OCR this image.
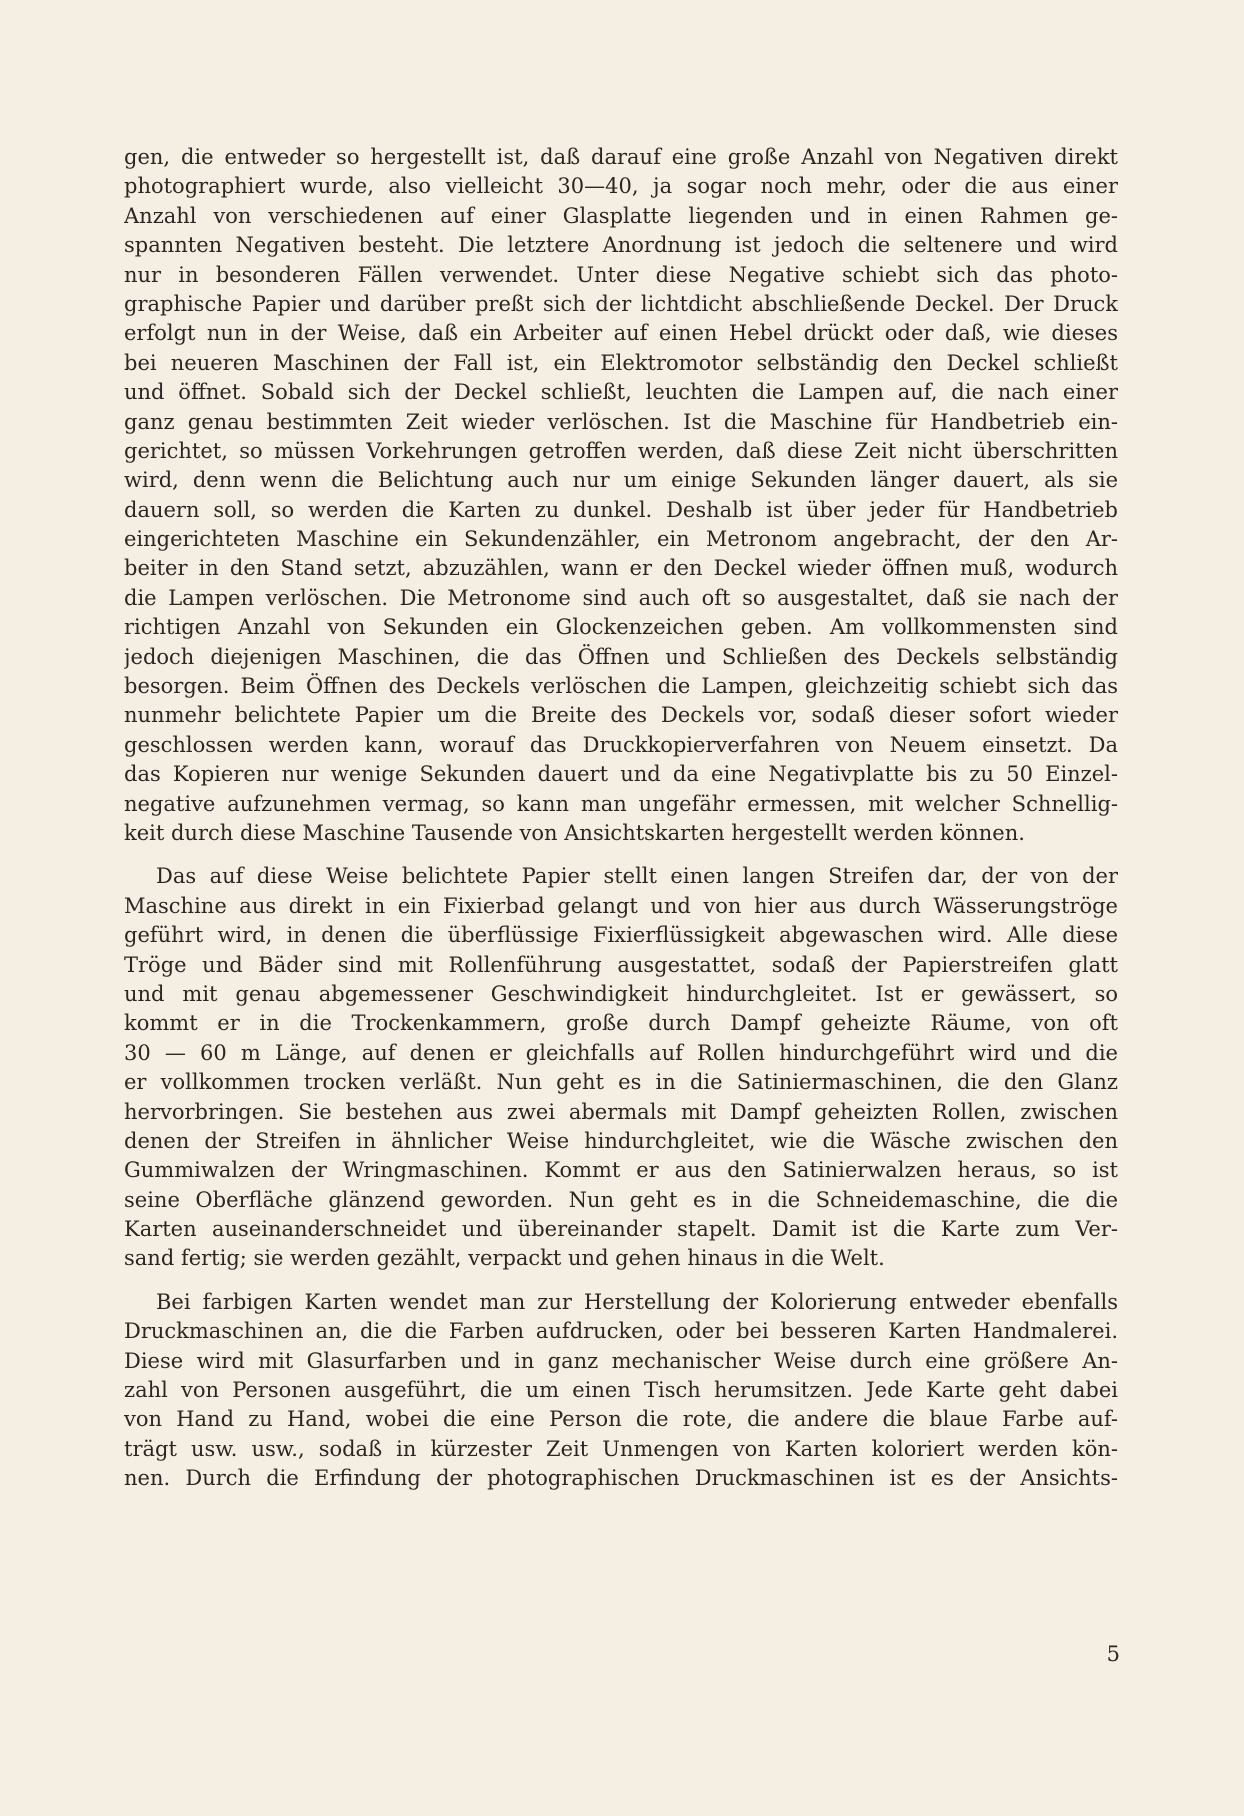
gen, die entweder so hergestellt ist, daß darauf eine große Anzahl von Negativen direkt
photographiert wurde, also vielleicht 30—40, ja sogar noch mehr, oder die aus einer
Anzahl von verschiedenen auf einer Glasplatte liegenden und in einen Rahmen ge-
spannten Negativen besteht. Die letztere Anordnung ist jedoch die seltenere und wird
nur in besonderen Fällen verwendet. Unter diese Negative schiebt sich das photo-
graphische Papier und darüber preßt sich der lichtdicht abschließende Deckel. Der Druck
erfolgt nun in der Weise, daß ein Arbeiter auf einen Hebel drückt oder daß, wie dieses
bei neueren Maschinen der Fall ist, ein Elektromotor selbständig den Deckel schließt
und öffnet. Sobald sich der Deckel schließt, leuchten die Lampen auf, die nach einer
ganz genau bestimmten Zeit wieder verlöschen. Ist die Maschine für Handbetrieb ein-
gerichtet, so müssen Vorkehrungen getroffen werden, daß diese Zeit nicht überschritten
wird, denn wenn die Belichtung auch nur um einige Sekunden länger dauert, als sie
dauern soll, so werden die Karten zu dunkel. Deshalb ist über jeder für Handbetrieb
eingerichteten Maschine ein Sekundenzähler, ein Metronom angebracht, der den Ar-
beiter in den Stand setzt, abzuzählen, wann er den Deckel wieder öffnen muß, wodurch
die Lampen verlöschen. Die Metronome sind auch oft so ausgestaltet, daß sie nach der
richtigen Anzahl von Sekunden ein Glockenzeichen geben. Am vollkommensten sind
jedoch diejenigen Maschinen, die das Öffnen und Schließen des Deckels selbständig
besorgen. Beim Öffnen des Deckels verlöschen die Lampen, gleichzeitig schiebt sich das
nunmehr belichtete Papier um die Breite des Deckels vor, sodaß dieser sofort wieder
geschlossen werden kann, worauf das Druckkopierverfahren von Neuem einsetzt. Da
das Kopieren nur wenige Sekunden dauert und da eine Negativplatte bis zu 50 Einzel-
negative aufzunehmen vermag, so kann man ungefähr ermessen, mit welcher Schnellig-
keit durch diese Maschine Tausende von Ansichtskarten hergestellt werden können.
Das auf diese Weise belichtete Papier stellt einen langen Streifen dar, der von der
Maschine aus direkt in ein Fixierbad gelangt und von hier aus durch Wässerungströge
geführt wird, in denen die überflüssige Fixierflüssigkeit abgewaschen wird. Alle diese
Tröge und Bäder sind mit Rollenführung ausgestattet, sodaß der Papierstreifen glatt
und mit genau abgemessener Geschwindigkeit hindurchgleitet. Ist er gewässert, so
kommt er in die Trockenkammern, große durch Dampf geheizte Räume, von oft
30 — 60 m Länge, auf denen er gleichfalls auf Rollen hindurchgeführt wird und die
er vollkommen trocken verläßt. Nun geht es in die Satiniermaschinen, die den Glanz
hervorbringen. Sie bestehen aus zwei abermals mit Dampf geheizten Rollen, zwischen
denen der Streifen in ähnlicher Weise hindurchgleitet, wie die Wäsche zwischen den
Gummiwalzen der Wringmaschinen. Kommt er aus den Satinierwalzen heraus, so ist
seine Oberfläche glänzend geworden. Nun geht es in die Schneidemaschine, die die
Karten auseinanderschneidet und übereinander stapelt. Damit ist die Karte zum Ver-
sand fertig; sie werden gezählt, verpackt und gehen hinaus in die Welt.
Bei farbigen Karten wendet man zur Herstellung der Kolorierung entweder ebenfalls
Druckmaschinen an, die die Farben aufdrucken, oder bei besseren Karten Handmalerei.
Diese wird mit Glasurfarben und in ganz mechanischer Weise durch eine größere An-
zahl von Personen ausgeführt, die um einen Tisch herumsitzen. Jede Karte geht dabei
von Hand zu Hand, wobei die eine Person die rote, die andere die blaue Farbe auf-
trägt usw. usw., sodaß in kürzester Zeit Unmengen von Karten koloriert werden kön-
nen. Durch die Erfindung der photographischen Druckmaschinen ist es der Ansichts-
5
